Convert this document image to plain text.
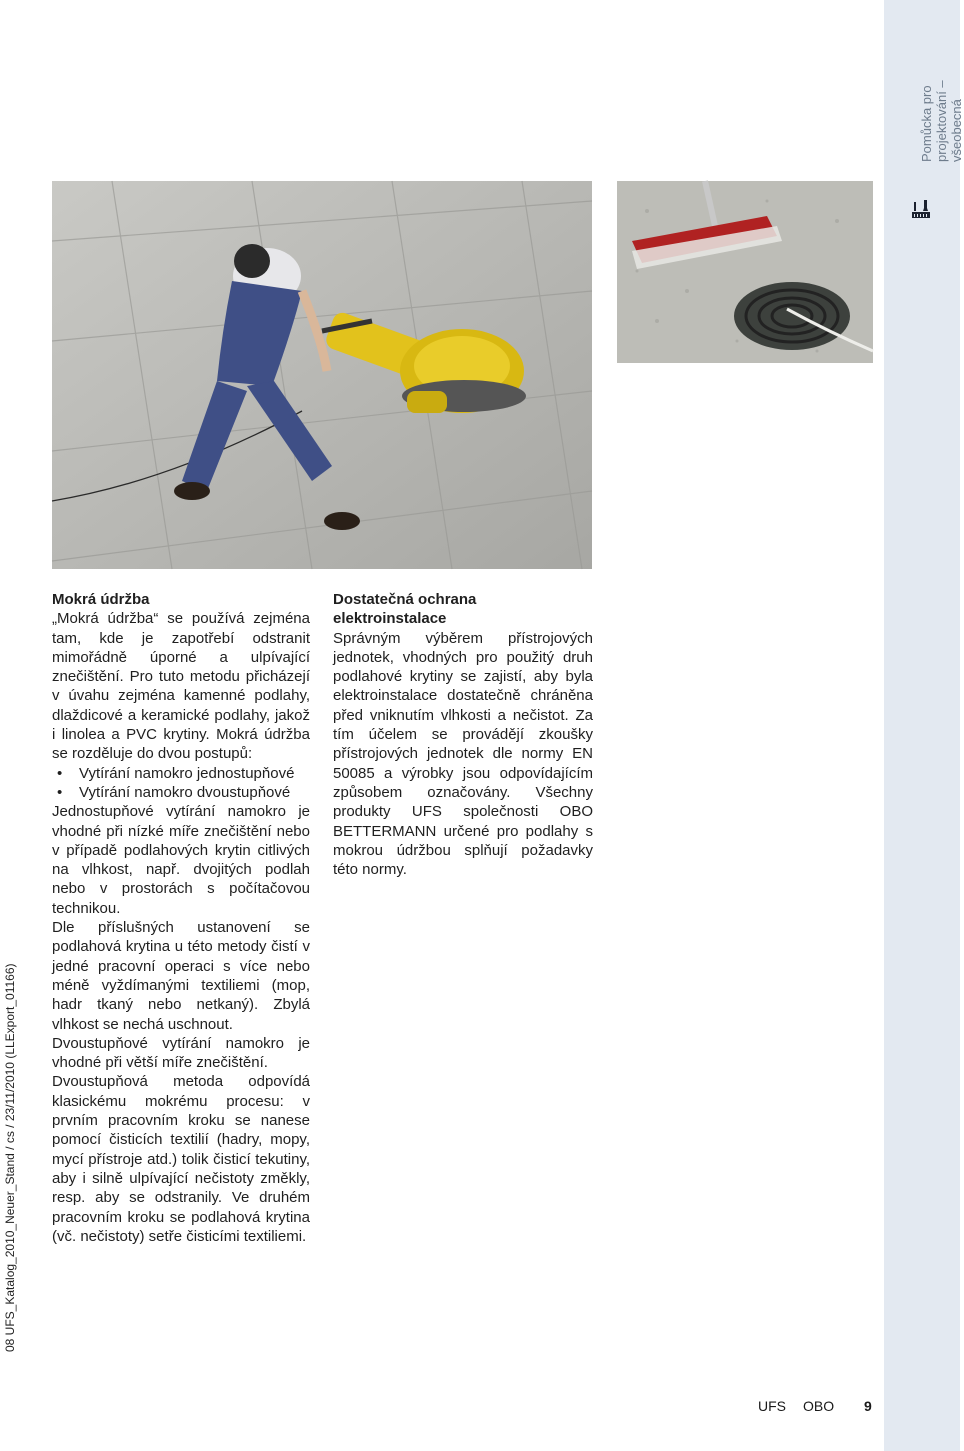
Pomůcka pro projektování – všeobecná
08 UFS_Katalog_2010_Neuer_Stand / cs / 23/11/2010 (LLExport_01166)
Mokrá údržba
„Mokrá údržba“ se používá zejména tam, kde je zapotřebí odstranit mimořádně úporné a ulpívající znečištění. Pro tuto metodu přicházejí v úvahu zejména kamenné podlahy, dlaždicové a keramické podlahy, jakož i linolea a PVC krytiny. Mokrá údržba se rozděluje do dvou postupů:
•	Vytírání namokro jednostupňové
•	Vytírání namokro dvoustupňové
Jednostupňové vytírání namokro je vhodné při nízké míře znečištění nebo v případě podlahových krytin citlivých na vlhkost, např. dvojitých podlah nebo v prostorách s počítačovou technikou.
Dle příslušných ustanovení se podlahová krytina u této metody čistí v jedné pracovní operaci s více nebo méně vyždímanými textiliemi (mop, hadr tkaný nebo netkaný). Zbylá vlhkost se nechá uschnout.
Dvoustupňové vytírání namokro je vhodné při větší míře znečištění.
Dvoustupňová metoda odpovídá klasickému mokrému procesu: v prvním pracovním kroku se nanese pomocí čisticích textilií (hadry, mopy, mycí přístroje atd.) tolik čisticí tekutiny, aby i silně ulpívající nečistoty změkly, resp. aby se odstranily. Ve druhém pracovním kroku se podlahová krytina (vč. nečistoty) setře čisticími textiliemi.
Dostatečná ochrana elektroinstalace
Správným výběrem přístrojových jednotek, vhodných pro použitý druh podlahové krytiny se zajistí, aby byla elektroinstalace dostatečně chráněna před vniknutím vlhkosti a nečistot. Za tím účelem se provádějí zkoušky přístrojových jednotek dle normy EN 50085 a výrobky jsou odpovídajícím způsobem označovány. Všechny produkty UFS společnosti OBO BETTERMANN určené pro podlahy s mokrou údržbou splňují požadavky této normy.
UFS OBO 9
